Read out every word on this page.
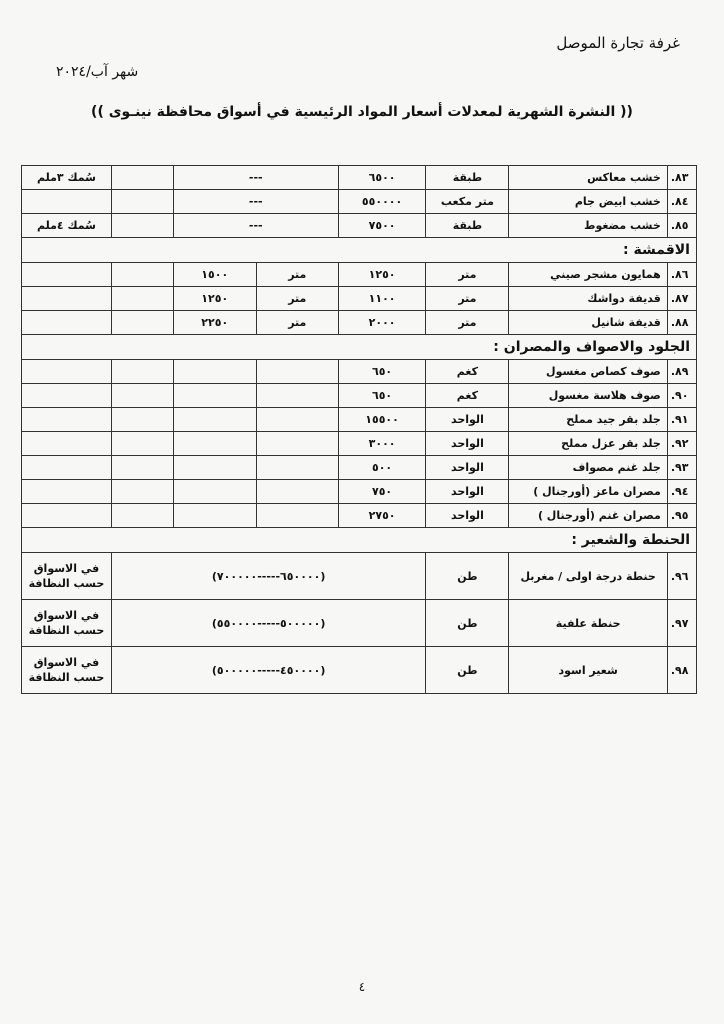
غرفة تجارة الموصل
شهر آب/٢٠٢٤
(( النشرة الشهرية لمعدلات أسعار المواد الرئيسية في أسواق محافظة نينـوى ))
٨٣.	خشب معاكس	طبقة	٦٥٠٠	---			سُمك ٣ملم
٨٤.	خشب ابيض جام	متر مكعب	٥٥٠٠٠٠	---			
٨٥.	خشب مضغوط	طبقة	٧٥٠٠	---			سُمك ٤ملم
الاقمشة :							
٨٦.	همايون مشجر صيني	متر	١٢٥٠	متر	١٥٠٠		
٨٧.	قديفة دواشك	متر	١١٠٠	متر	١٢٥٠		
٨٨.	قديفة شانيل	متر	٢٠٠٠	متر	٢٢٥٠		
الجلود والاصواف والمصران :							
٨٩.	صوف كصاص مغسول	كغم	٦٥٠				
٩٠.	صوف هلاسة مغسول	كغم	٦٥٠				
٩١.	جلد بقر جيد مملح	الواحد	١٥٥٠٠				
٩٢.	جلد بقر عزل مملح	الواحد	٣٠٠٠				
٩٣.	جلد غنم مصواف	الواحد	٥٠٠				
٩٤.	مصران ماعز (أورجنال )	الواحد	٧٥٠				
٩٥.	مصران غنم (أورجنال )	الواحد	٢٧٥٠				
الحنطة والشعير :							
٩٦.	حنطة درجة اولى / مغربل	طن	(٦٥٠٠٠٠-----٧٠٠٠٠٠)				في الاسواق
حسب النظافة

٩٧.	حنطة علفية	طن	(٥٠٠٠٠٠-----٥٥٠٠٠٠)				في الاسواق
حسب النظافة

٩٨.	شعير اسود	طن	(٤٥٠٠٠٠-----٥٠٠٠٠٠)				في الاسواق
حسب النظافة
٤
